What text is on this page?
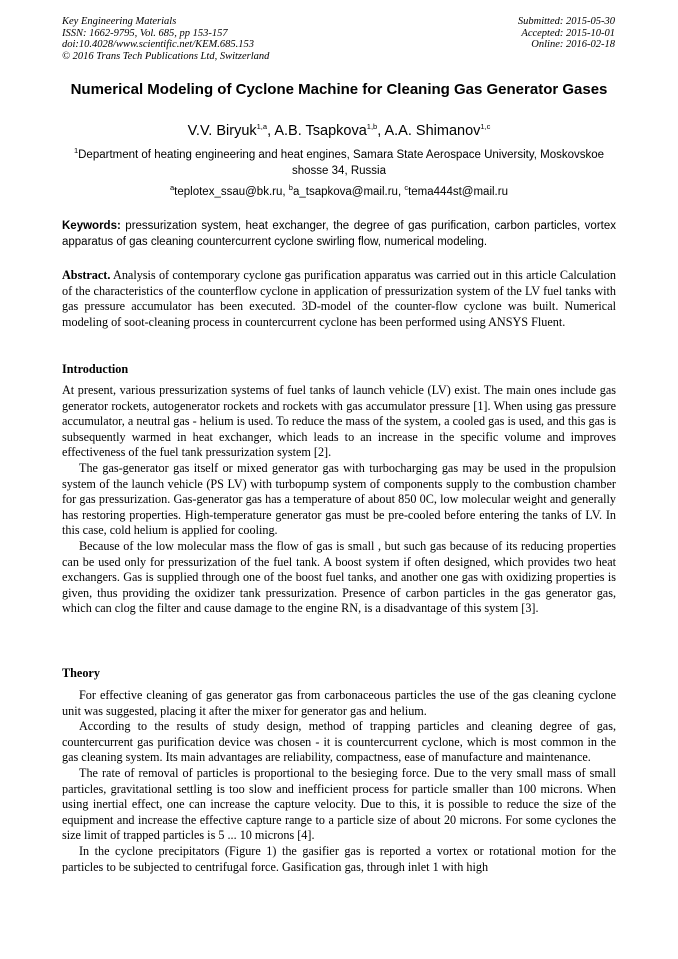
Key Engineering Materials
ISSN: 1662-9795, Vol. 685, pp 153-157
doi:10.4028/www.scientific.net/KEM.685.153
© 2016 Trans Tech Publications Ltd, Switzerland
Submitted: 2015-05-30
Accepted: 2015-10-01
Online: 2016-02-18
Numerical Modeling of Cyclone Machine for Cleaning Gas Generator Gases
V.V. Biryuk$^{1,a}$, A.B. Tsapkova$^{1,b}$, A.A. Shimanov$^{1,c}$
$^1$Department of heating engineering and heat engines, Samara State Aerospace University, Moskovskoe shosse 34, Russia
$^a$teplotex_ssau@bk.ru, $^b$a_tsapkova@mail.ru, $^c$tema444st@mail.ru
Keywords: pressurization system, heat exchanger, the degree of gas purification, carbon particles, vortex apparatus of gas cleaning countercurrent cyclone swirling flow, numerical modeling.

Abstract. Analysis of contemporary cyclone gas purification apparatus was carried out in this article Calculation of the characteristics of the counterflow cyclone in application of pressurization system of the LV fuel tanks with gas pressure accumulator has been executed. 3D-model of the counter-flow cyclone was built. Numerical modeling of soot-cleaning process in countercurrent cyclone has been performed using ANSYS Fluent.

Introduction

At present, various pressurization systems of fuel tanks of launch vehicle (LV) exist. The main ones include gas generator rockets, autogenerator rockets and rockets with gas accumulator pressure [1]. When using gas pressure accumulator, a neutral gas - helium is used. To reduce the mass of the system, a cooled gas is used, and this gas is subsequently warmed in heat exchanger, which leads to an increase in the specific volume and improves effectiveness of the fuel tank pressurization system [2].

The gas-generator gas itself or mixed generator gas with turbocharging gas may be used in the propulsion system of the launch vehicle (PS LV) with turbopump system of components supply to the combustion chamber for gas pressurization. Gas-generator gas has a temperature of about 850 0C, low molecular weight and generally has restoring properties. High-temperature generator gas must be pre-cooled before entering the tanks of LV. In this case, cold helium is applied for cooling.

Because of the low molecular mass the flow of gas is small , but such gas because of its reducing properties can be used only for pressurization of the fuel tank. A boost system if often designed, which provides two heat exchangers. Gas is supplied through one of the boost fuel tanks, and another one gas with oxidizing properties is given, thus providing the oxidizer tank pressurization. Presence of carbon particles in the gas generator gas, which can clog the filter and cause damage to the engine RN, is a disadvantage of this system [3].

Theory

For effective cleaning of gas generator gas from carbonaceous particles the use of the gas cleaning cyclone unit was suggested, placing it after the mixer for generator gas and helium.

According to the results of study design, method of trapping particles and cleaning degree of gas, countercurrent gas purification device was chosen - it is countercurrent cyclone, which is most common in the gas cleaning system. Its main advantages are reliability, compactness, ease of manufacture and maintenance.

The rate of removal of particles is proportional to the besieging force. Due to the very small mass of small particles, gravitational settling is too slow and inefficient process for particle smaller than 100 microns. When using inertial effect, one can increase the capture velocity. Due to this, it is possible to reduce the size of the equipment and increase the effective capture range to a particle size of about 20 microns. For some cyclones the size limit of trapped particles is 5 ... 10 microns [4].

In the cyclone precipitators (Figure 1) the gasifier gas is reported a vortex or rotational motion for the particles to be subjected to centrifugal force. Gasification gas, through inlet 1 with high
